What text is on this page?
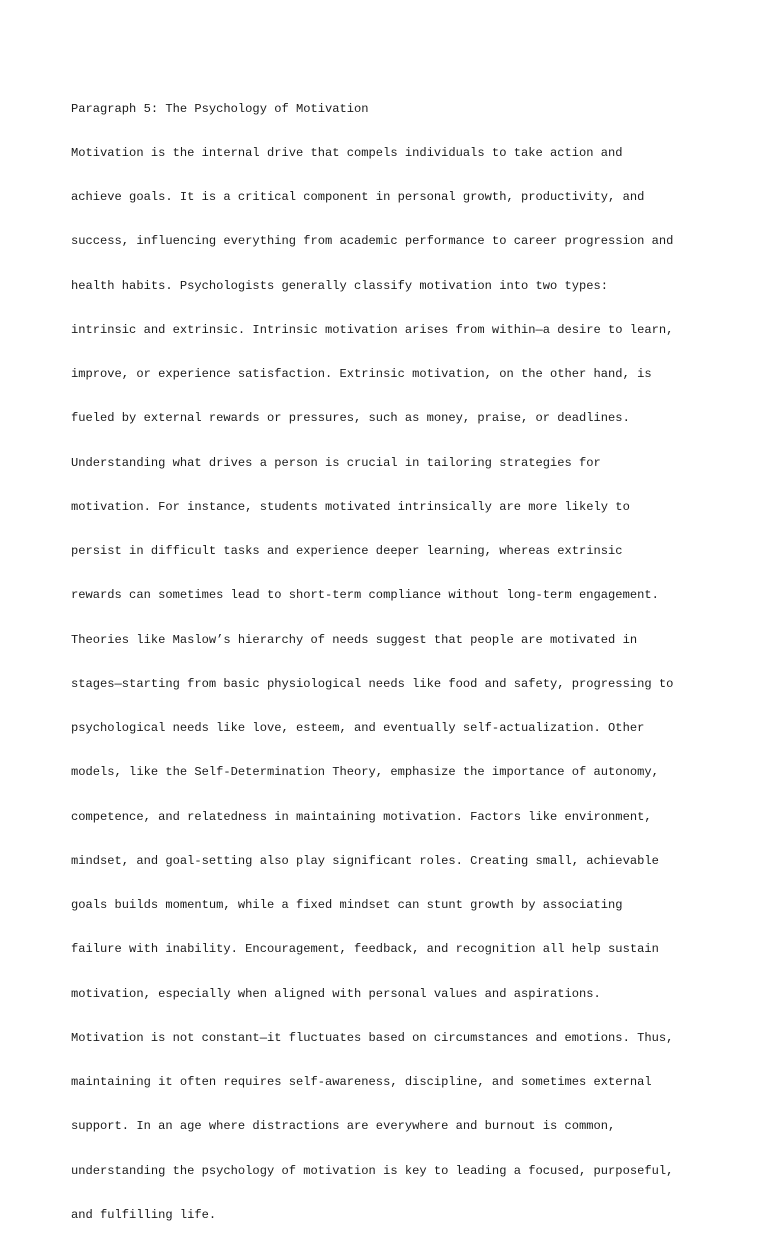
Paragraph 5: The Psychology of Motivation

Motivation is the internal drive that compels individuals to take action and

achieve goals. It is a critical component in personal growth, productivity, and

success, influencing everything from academic performance to career progression and

health habits. Psychologists generally classify motivation into two types:

intrinsic and extrinsic. Intrinsic motivation arises from within—a desire to learn,

improve, or experience satisfaction. Extrinsic motivation, on the other hand, is

fueled by external rewards or pressures, such as money, praise, or deadlines.

Understanding what drives a person is crucial in tailoring strategies for

motivation. For instance, students motivated intrinsically are more likely to

persist in difficult tasks and experience deeper learning, whereas extrinsic

rewards can sometimes lead to short-term compliance without long-term engagement.

Theories like Maslow’s hierarchy of needs suggest that people are motivated in

stages—starting from basic physiological needs like food and safety, progressing to

psychological needs like love, esteem, and eventually self-actualization. Other

models, like the Self-Determination Theory, emphasize the importance of autonomy,

competence, and relatedness in maintaining motivation. Factors like environment,

mindset, and goal-setting also play significant roles. Creating small, achievable

goals builds momentum, while a fixed mindset can stunt growth by associating

failure with inability. Encouragement, feedback, and recognition all help sustain

motivation, especially when aligned with personal values and aspirations.

Motivation is not constant—it fluctuates based on circumstances and emotions. Thus,

maintaining it often requires self-awareness, discipline, and sometimes external

support. In an age where distractions are everywhere and burnout is common,

understanding the psychology of motivation is key to leading a focused, purposeful,

and fulfilling life.
